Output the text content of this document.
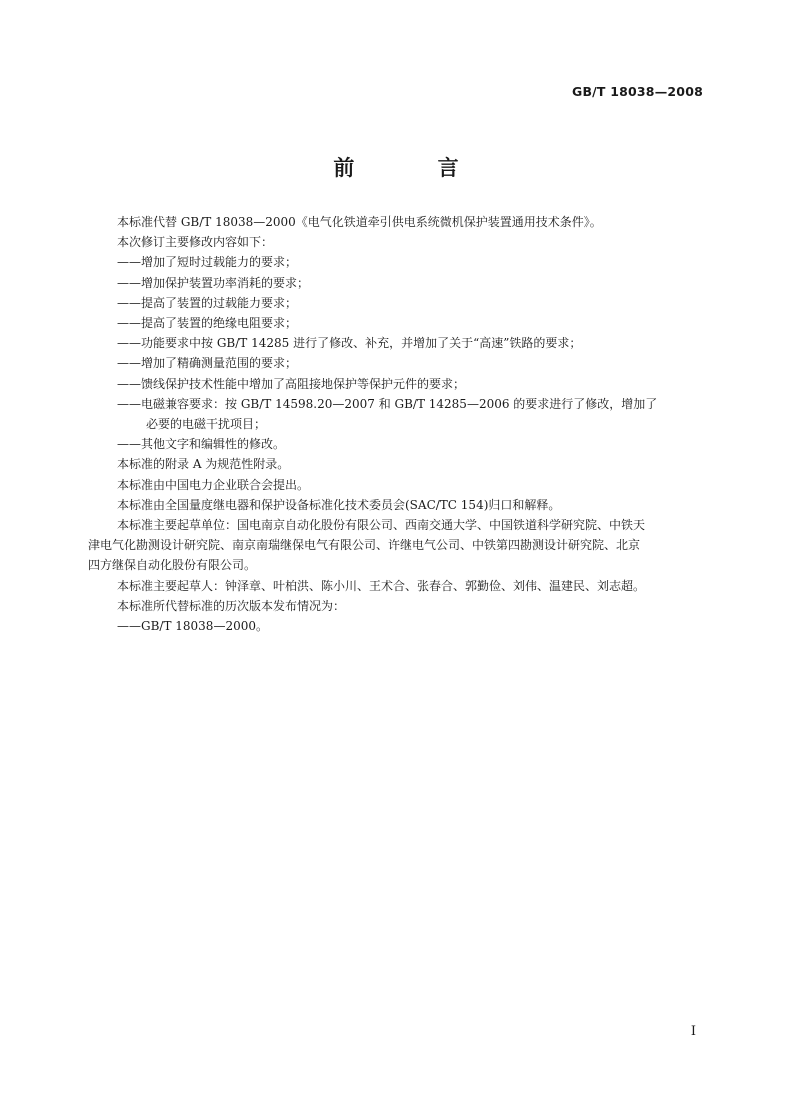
GB/T 18038—2008
前 言
本标准代替 GB/T 18038—2000《电气化铁道牵引供电系统微机保护装置通用技术条件》。
本次修订主要修改内容如下：
——增加了短时过载能力的要求；
——增加保护装置功率消耗的要求；
——提高了装置的过载能力要求；
——提高了装置的绝缘电阻要求；
——功能要求中按 GB/T 14285 进行了修改、补充，并增加了关于“高速”铁路的要求；
——增加了精确测量范围的要求；
——馈线保护技术性能中增加了高阻接地保护等保护元件的要求；
——电磁兼容要求：按 GB/T 14598.20—2007 和 GB/T 14285—2006 的要求进行了修改，增加了
必要的电磁干扰项目；
——其他文字和编辑性的修改。
本标准的附录 A 为规范性附录。
本标准由中国电力企业联合会提出。
本标准由全国量度继电器和保护设备标准化技术委员会(SAC/TC 154)归口和解释。
本标准主要起草单位：国电南京自动化股份有限公司、西南交通大学、中国铁道科学研究院、中铁天
津电气化勘测设计研究院、南京南瑞继保电气有限公司、许继电气公司、中铁第四勘测设计研究院、北京
四方继保自动化股份有限公司。
本标准主要起草人：钟泽章、叶柏洪、陈小川、王术合、张春合、郭勤俭、刘伟、温建民、刘志超。
本标准所代替标准的历次版本发布情况为：
——GB/T 18038—2000。
I
